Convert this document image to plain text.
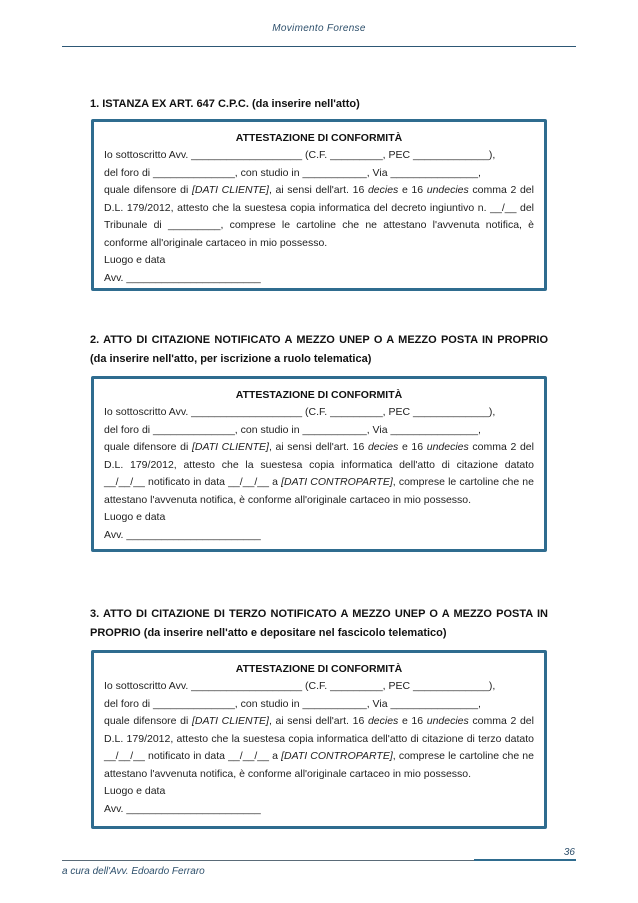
Movimento Forense
1. ISTANZA EX ART. 647 C.P.C. (da inserire nell'atto)
ATTESTAZIONE DI CONFORMITÀ
Io sottoscritto Avv. ___________________ (C.F. _________, PEC _____________),
del foro di ______________, con studio in ___________, Via _______________,
quale difensore di [DATI CLIENTE], ai sensi dell'art. 16 decies e 16 undecies comma 2 del D.L. 179/2012, attesto che la suestesa copia informatica del decreto ingiuntivo n. __/__ del Tribunale di _________, comprese le cartoline che ne attestano l'avvenuta notifica, è conforme all'originale cartaceo in mio possesso.
Luogo e data
Avv. _______________________
2. ATTO DI CITAZIONE NOTIFICATO A MEZZO UNEP O A MEZZO POSTA IN PROPRIO (da inserire nell'atto, per iscrizione a ruolo telematica)
ATTESTAZIONE DI CONFORMITÀ
Io sottoscritto Avv. ___________________ (C.F. _________, PEC _____________),
del foro di ______________, con studio in ___________, Via _______________,
quale difensore di [DATI CLIENTE], ai sensi dell'art. 16 decies e 16 undecies comma 2 del D.L. 179/2012, attesto che la suestesa copia informatica dell'atto di citazione datato __/__/__ notificato in data __/__/__ a [DATI CONTROPARTE], comprese le cartoline che ne attestano l'avvenuta notifica, è conforme all'originale cartaceo in mio possesso.
Luogo e data
Avv. _______________________
3. ATTO DI CITAZIONE DI TERZO NOTIFICATO A MEZZO UNEP O A MEZZO POSTA IN PROPRIO (da inserire nell'atto e depositare nel fascicolo telematico)
ATTESTAZIONE DI CONFORMITÀ
Io sottoscritto Avv. ___________________ (C.F. _________, PEC _____________),
del foro di ______________, con studio in ___________, Via _______________,
quale difensore di [DATI CLIENTE], ai sensi dell'art. 16 decies e 16 undecies comma 2 del D.L. 179/2012, attesto che la suestesa copia informatica dell'atto di citazione di terzo datato __/__/__ notificato in data __/__/__ a [DATI CONTROPARTE], comprese le cartoline che ne attestano l'avvenuta notifica, è conforme all'originale cartaceo in mio possesso.
Luogo e data
Avv. _______________________
36
a cura dell'Avv. Edoardo Ferraro
